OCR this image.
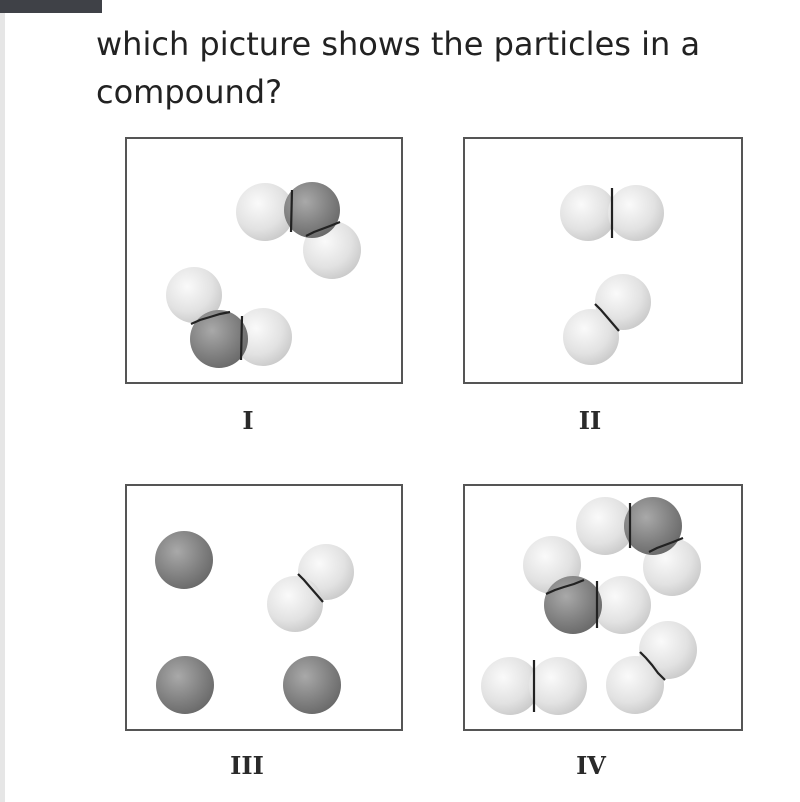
which picture shows the particles in a compound?
I	II
III	IV
